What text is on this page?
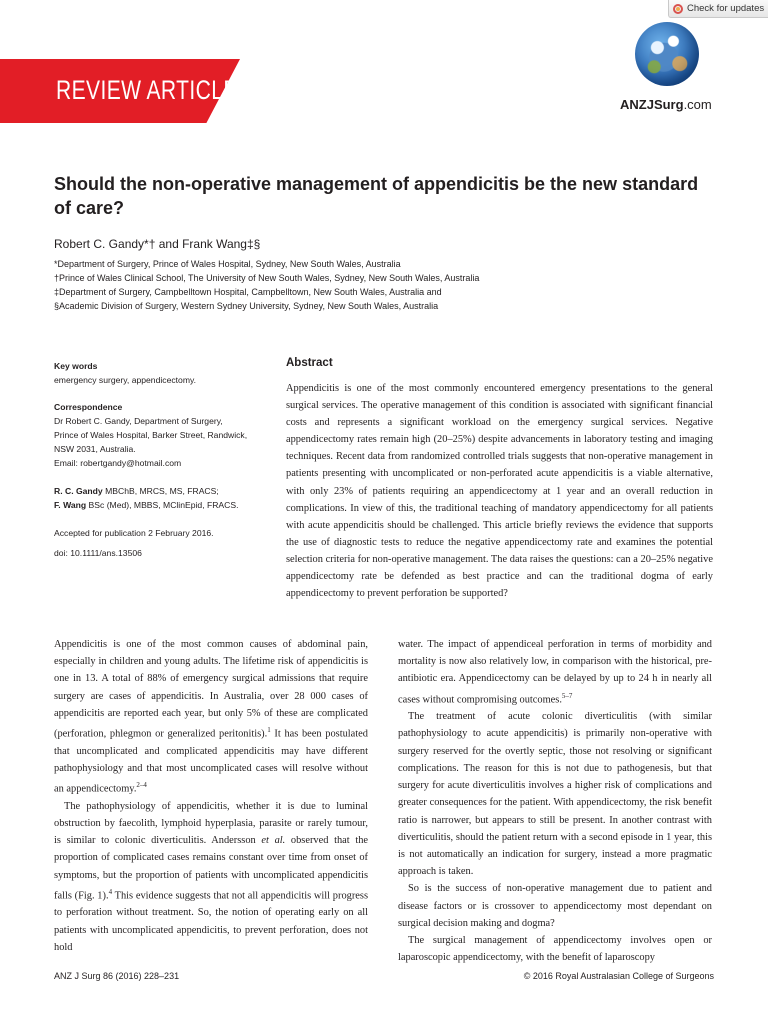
Check for updates
REVIEW ARTICLE	ANZJSurg.com
Should the non-operative management of appendicitis be the new standard of care?
Robert C. Gandy*† and Frank Wang‡§
*Department of Surgery, Prince of Wales Hospital, Sydney, New South Wales, Australia
†Prince of Wales Clinical School, The University of New South Wales, Sydney, New South Wales, Australia
‡Department of Surgery, Campbelltown Hospital, Campbelltown, New South Wales, Australia and
§Academic Division of Surgery, Western Sydney University, Sydney, New South Wales, Australia
Key words
emergency surgery, appendicectomy.
Correspondence
Dr Robert C. Gandy, Department of Surgery,
Prince of Wales Hospital, Barker Street, Randwick,
NSW 2031, Australia.
Email: robertgandy@hotmail.com
R. C. Gandy MBChB, MRCS, MS, FRACS;
F. Wang BSc (Med), MBBS, MClinEpid, FRACS.
Accepted for publication 2 February 2016.
doi: 10.1111/ans.13506
Abstract

Appendicitis is one of the most commonly encountered emergency presentations to the general surgical services. The operative management of this condition is associated with significant financial costs and represents a significant workload on the emergency surgical services. Negative appendicectomy rates remain high (20–25%) despite advancements in laboratory testing and imaging techniques. Recent data from randomized controlled trials suggests that non-operative management in patients presenting with uncomplicated or non-perforated acute appendicitis is a viable alternative, with only 23% of patients requiring an appendicectomy at 1 year and an overall reduction in complications. In view of this, the traditional teaching of mandatory appendicectomy for all patients with acute appendicitis should be challenged. This article briefly reviews the evidence that supports the use of diagnostic tests to reduce the negative appendicectomy rate and examines the potential selection criteria for non-operative management. The data raises the questions: can a 20–25% negative appendicectomy rate be defended as best practice and can the traditional dogma of early appendicectomy to prevent perforation be supported?

Appendicitis is one of the most common causes of abdominal pain, especially in children and young adults. The lifetime risk of appendicitis is one in 13. A total of 88% of emergency surgical admissions that require surgery are cases of appendicitis. In Australia, over 28 000 cases of appendicitis are reported each year, but only 5% of these are complicated (perforation, phlegmon or generalized peritonitis).$^1$ It has been postulated that uncomplicated and complicated appendicitis may have different pathophysiology and that most uncomplicated cases will resolve without an appendicectomy.$^{2-4}$

The pathophysiology of appendicitis, whether it is due to luminal obstruction by faecolith, lymphoid hyperplasia, parasite or rarely tumour, is similar to colonic diverticulitis. Andersson et al. observed that the proportion of complicated cases remains constant over time from onset of symptoms, but the proportion of patients with uncomplicated appendicitis falls (Fig. 1).$^4$ This evidence suggests that not all appendicitis will progress to perforation without treatment. So, the notion of operating early on all patients with uncomplicated appendicitis, to prevent perforation, does not hold

water. The impact of appendiceal perforation in terms of morbidity and mortality is now also relatively low, in comparison with the historical, pre-antibiotic era. Appendicectomy can be delayed by up to 24 h in nearly all cases without compromising outcomes.$^{5-7}$

The treatment of acute colonic diverticulitis (with similar pathophysiology to acute appendicitis) is primarily non-operative with surgery reserved for the overtly septic, those not resolving or significant complications. The reason for this is not due to pathogenesis, but that surgery for acute diverticulitis involves a higher risk of complications and greater consequences for the patient. With appendicectomy, the risk benefit ratio is narrower, but appears to still be present. In another contrast with diverticulitis, should the patient return with a second episode in 1 year, this is not automatically an indication for surgery, instead a more pragmatic approach is taken.

So is the success of non-operative management due to patient and disease factors or is crossover to appendicectomy most dependant on surgical decision making and dogma?

The surgical management of appendicectomy involves open or laparoscopic appendicectomy, with the benefit of laparoscopy

ANZ J Surg 86 (2016) 228–231	© 2016 Royal Australasian College of Surgeons
